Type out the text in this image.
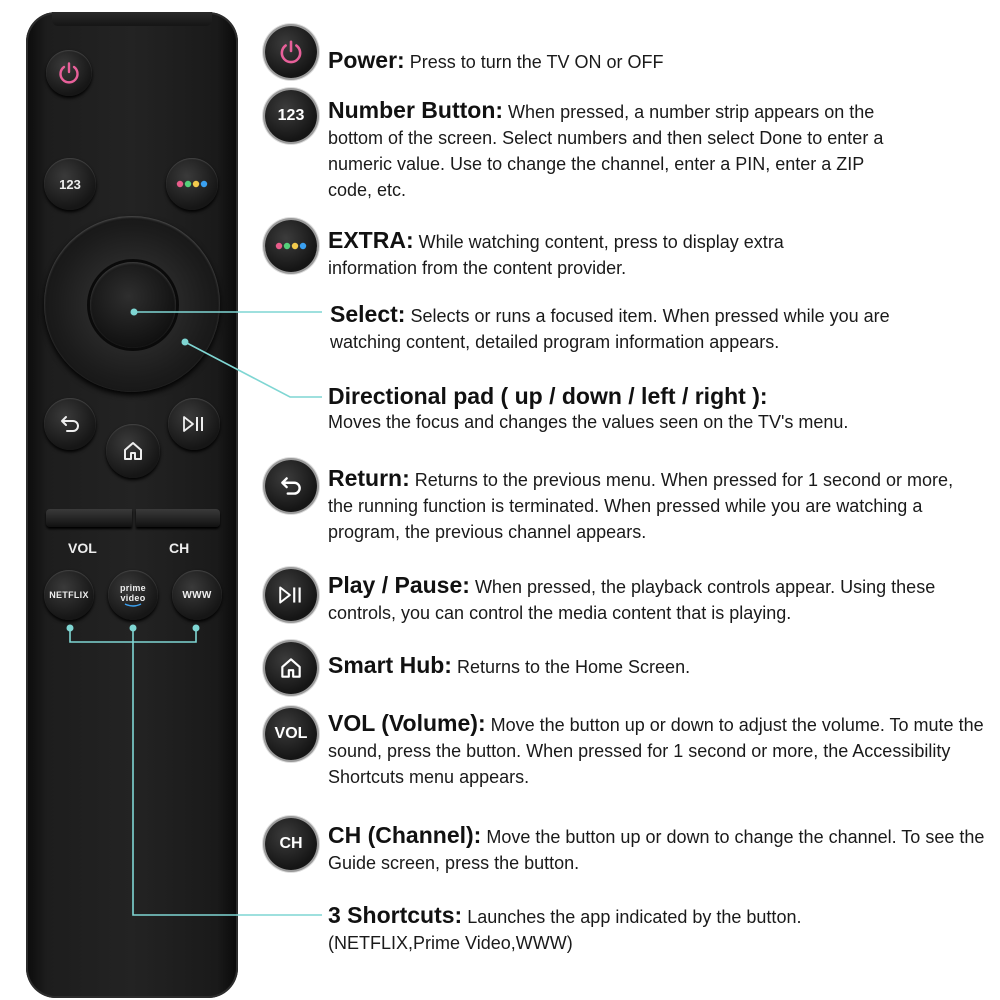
123
VOL	CH
NETFLIX
prime
video	WWW
123
VOL
CH
Power: Press to turn the TV ON or OFF
Number Button: When pressed, a number strip appears on the bottom of the screen. Select numbers and then select Done to enter a numeric value. Use to change the channel, enter a PIN, enter a ZIP code, etc.
EXTRA: While watching content, press to display extra information from the content provider.
Select: Selects or runs a focused item. When pressed while you are watching content, detailed program information appears.
Directional pad ( up / down / left / right ):
Moves the focus and changes the values seen on the TV's menu.
Return: Returns to the previous menu. When pressed for 1 second or more, the running function is terminated. When pressed while you are watching a program, the previous channel appears.
Play / Pause: When pressed, the playback controls appear. Using these controls, you can control the media content that is playing.
Smart Hub: Returns to the Home Screen.
VOL (Volume): Move the button up or down to adjust the volume. To mute the sound, press the button. When pressed for 1 second or more, the Accessibility Shortcuts menu appears.
CH (Channel): Move the button up or down to change the channel. To see the Guide screen, press the button.
3 Shortcuts: Launches the app indicated by the button. (NETFLIX,Prime Video,WWW)
